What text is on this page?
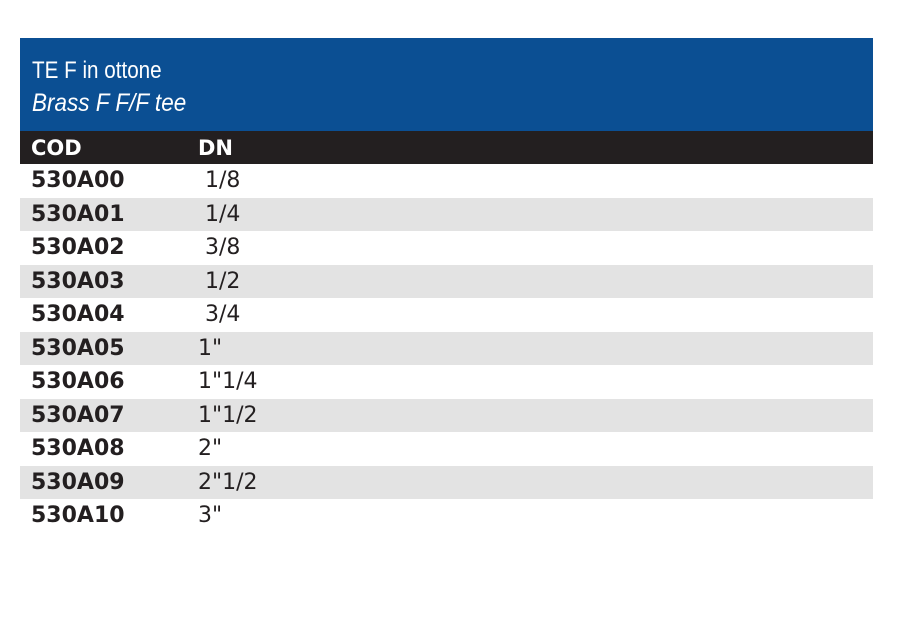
TE F in ottone
Brass F F/F tee
COD	DN
530A00	1/8
530A01	1/4
530A02	3/8
530A03	1/2
530A04	3/4
530A05	1"
530A06	1"1/4
530A07	1"1/2
530A08	2"
530A09	2"1/2
530A10	3"
